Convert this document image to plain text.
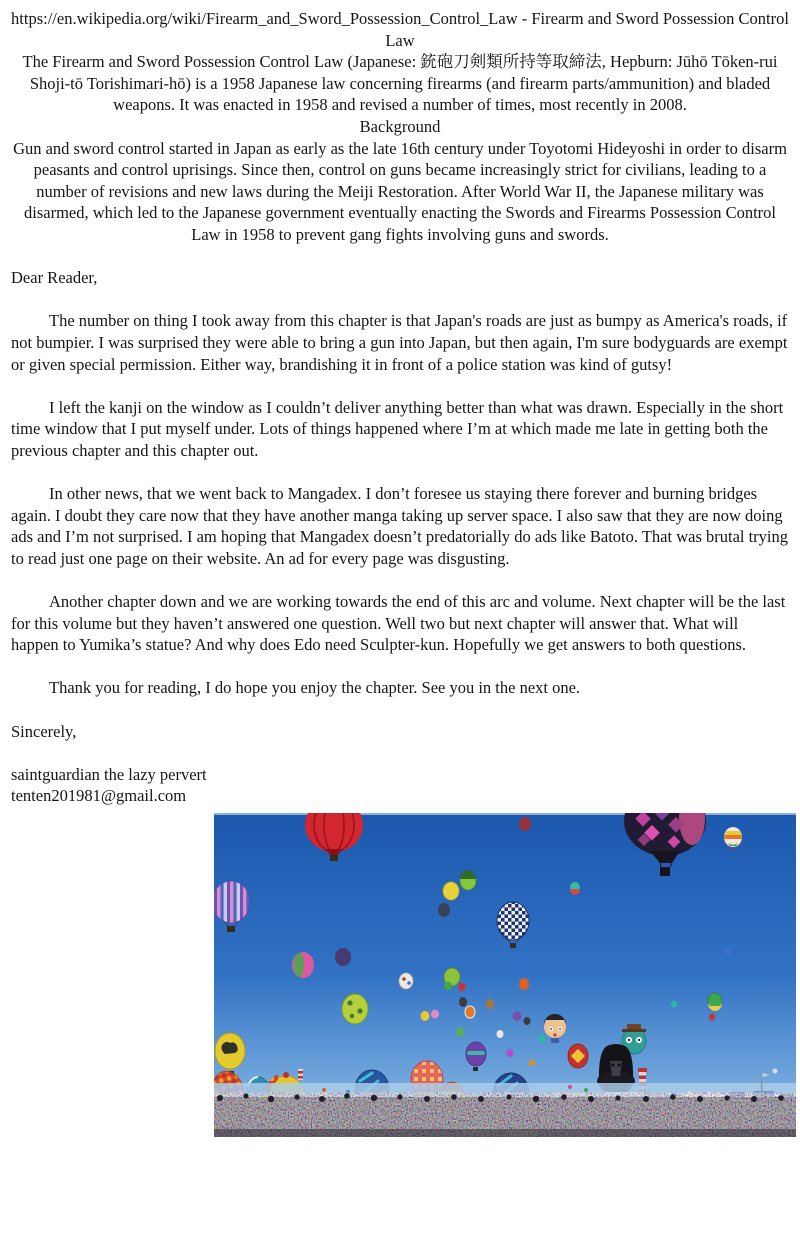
https://en.wikipedia.org/wiki/Firearm_and_Sword_Possession_Control_Law - Firearm and Sword Possession Control Law
The Firearm and Sword Possession Control Law (Japanese: 銃砲刀剣類所持等取締法, Hepburn: Jūhō Tōken-rui Shoji-tō Torishimari-hō) is a 1958 Japanese law concerning firearms (and firearm parts/ammunition) and bladed weapons. It was enacted in 1958 and revised a number of times, most recently in 2008.
Background
Gun and sword control started in Japan as early as the late 16th century under Toyotomi Hideyoshi in order to disarm peasants and control uprisings. Since then, control on guns became increasingly strict for civilians, leading to a number of revisions and new laws during the Meiji Restoration. After World War II, the Japanese military was disarmed, which led to the Japanese government eventually enacting the Swords and Firearms Possession Control Law in 1958 to prevent gang fights involving guns and swords.
Dear Reader,
The number on thing I took away from this chapter is that Japan's roads are just as bumpy as America's roads, if not bumpier. I was surprised they were able to bring a gun into Japan, but then again, I'm sure bodyguards are exempt or given special permission. Either way, brandishing it in front of a police station was kind of gutsy!
I left the kanji on the window as I couldn’t deliver anything better than what was drawn. Especially in the short time window that I put myself under. Lots of things happened where I’m at which made me late in getting both the previous chapter and this chapter out.
In other news, that we went back to Mangadex. I don’t foresee us staying there forever and burning bridges again. I doubt they care now that they have another manga taking up server space. I also saw that they are now doing ads and I’m not surprised. I am hoping that Mangadex doesn’t predatorially do ads like Batoto. That was brutal trying to read just one page on their website. An ad for every page was disgusting.
Another chapter down and we are working towards the end of this arc and volume. Next chapter will be the last for this volume but they haven’t answered one question. Well two but next chapter will answer that. What will happen to Yumika’s statue? And why does Edo need Sculpter-kun. Hopefully we get answers to both questions.
Thank you for reading, I do hope you enjoy the chapter. See you in the next one.
Sincerely,
saintguardian the lazy pervert
tenten201981@gmail.com
